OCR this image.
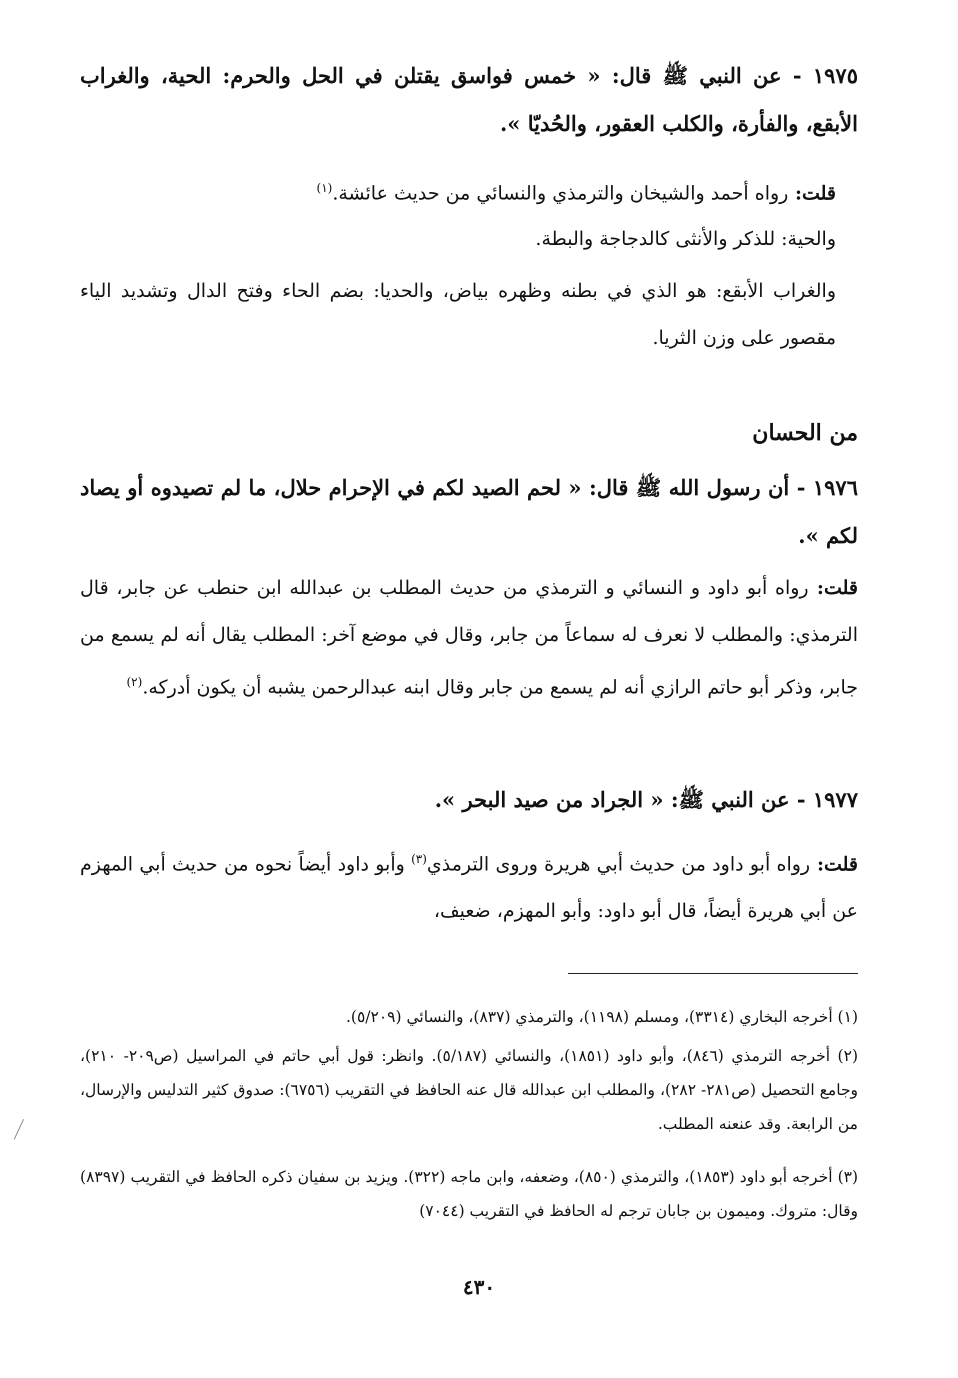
١٩٧٥ - عن النبي ﷺ قال: « خمس فواسق يقتلن في الحل والحرم: الحية، والغراب الأبقع، والفأرة، والكلب العقور، والحُديّا ».
قلت: رواه أحمد والشيخان والترمذي والنسائي من حديث عائشة.$^{(١)}$
والحية: للذكر والأنثى كالدجاجة والبطة.
والغراب الأبقع: هو الذي في بطنه وظهره بياض، والحديا: بضم الحاء وفتح الدال وتشديد الياء مقصور على وزن الثريا.
من الحسان
١٩٧٦ - أن رسول الله ﷺ قال: « لحم الصيد لكم في الإحرام حلال، ما لم تصيدوه أو يصاد لكم ».
قلت: رواه أبو داود و النسائي و الترمذي من حديث المطلب بن عبدالله ابن حنطب عن جابر، قال الترمذي: والمطلب لا نعرف له سماعاً من جابر، وقال في موضع آخر: المطلب يقال أنه لم يسمع من جابر، وذكر أبو حاتم الرازي أنه لم يسمع من جابر وقال ابنه عبدالرحمن يشبه أن يكون أدركه.$^{(٢)}$
١٩٧٧ - عن النبي ﷺ: « الجراد من صيد البحر ».
قلت: رواه أبو داود من حديث أبي هريرة وروى الترمذي$^{(٣)}$ وأبو داود أيضاً نحوه من حديث أبي المهزم عن أبي هريرة أيضاً، قال أبو داود: وأبو المهزم، ضعيف،
(١) أخرجه البخاري (٣٣١٤)، ومسلم (١١٩٨)، والترمذي (٨٣٧)، والنسائي (٥/٢٠٩).
(٢) أخرجه الترمذي (٨٤٦)، وأبو داود (١٨٥١)، والنسائي (٥/١٨٧). وانظر: قول أبي حاتم في المراسيل (ص٢٠٩- ٢١٠)، وجامع التحصيل (ص٢٨١- ٢٨٢)، والمطلب ابن عبدالله قال عنه الحافظ في التقريب (٦٧٥٦): صدوق كثير التدليس والإرسال، من الرابعة. وقد عنعنه المطلب.
(٣) أخرجه أبو داود (١٨٥٣)، والترمذي (٨٥٠)، وضعفه، وابن ماجه (٣٢٢). ويزيد بن سفيان ذكره الحافظ في التقريب (٨٣٩٧) وقال: متروك. وميمون بن جابان ترجم له الحافظ في التقريب (٧٠٤٤)
٤٣٠
